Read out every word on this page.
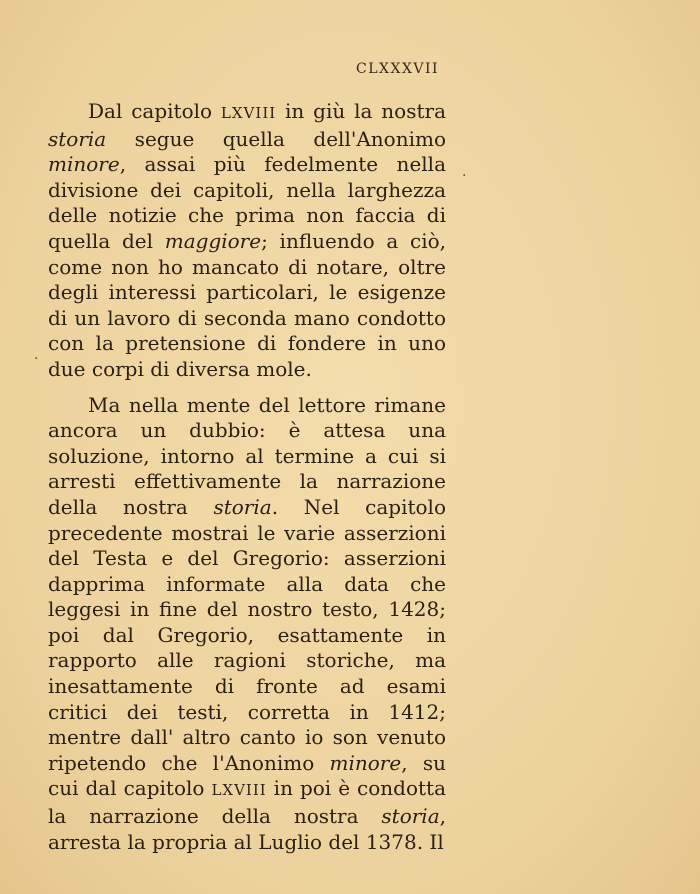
CLXXXVII

Dal capitolo LXVIII in giù la nostra storia segue quella dell'Anonimo minore, assai più fedelmente nella divisione dei capitoli, nella larghezza delle notizie che prima non faccia di quella del maggiore; influendo a ciò, come non ho mancato di notare, oltre degli interessi particolari, le esigenze di un lavoro di seconda mano condotto con la pretensione di fondere in uno due corpi di diversa mole.

Ma nella mente del lettore rimane ancora un dubbio: è attesa una soluzione, intorno al termine a cui si arresti effettivamente la narrazione della nostra storia. Nel capitolo precedente mostrai le varie asserzioni del Testa e del Gregorio: asserzioni dapprima informate alla data che leggesi in fine del nostro testo, 1428; poi dal Gregorio, esattamente in rapporto alle ragioni storiche, ma inesattamente di fronte ad esami critici dei testi, corretta in 1412; mentre dall' altro canto io son venuto ripetendo che l'Anonimo minore, su cui dal capitolo LXVIII in poi è condotta la narrazione della nostra storia, arresta la propria al Luglio del 1378. Il

·
.
